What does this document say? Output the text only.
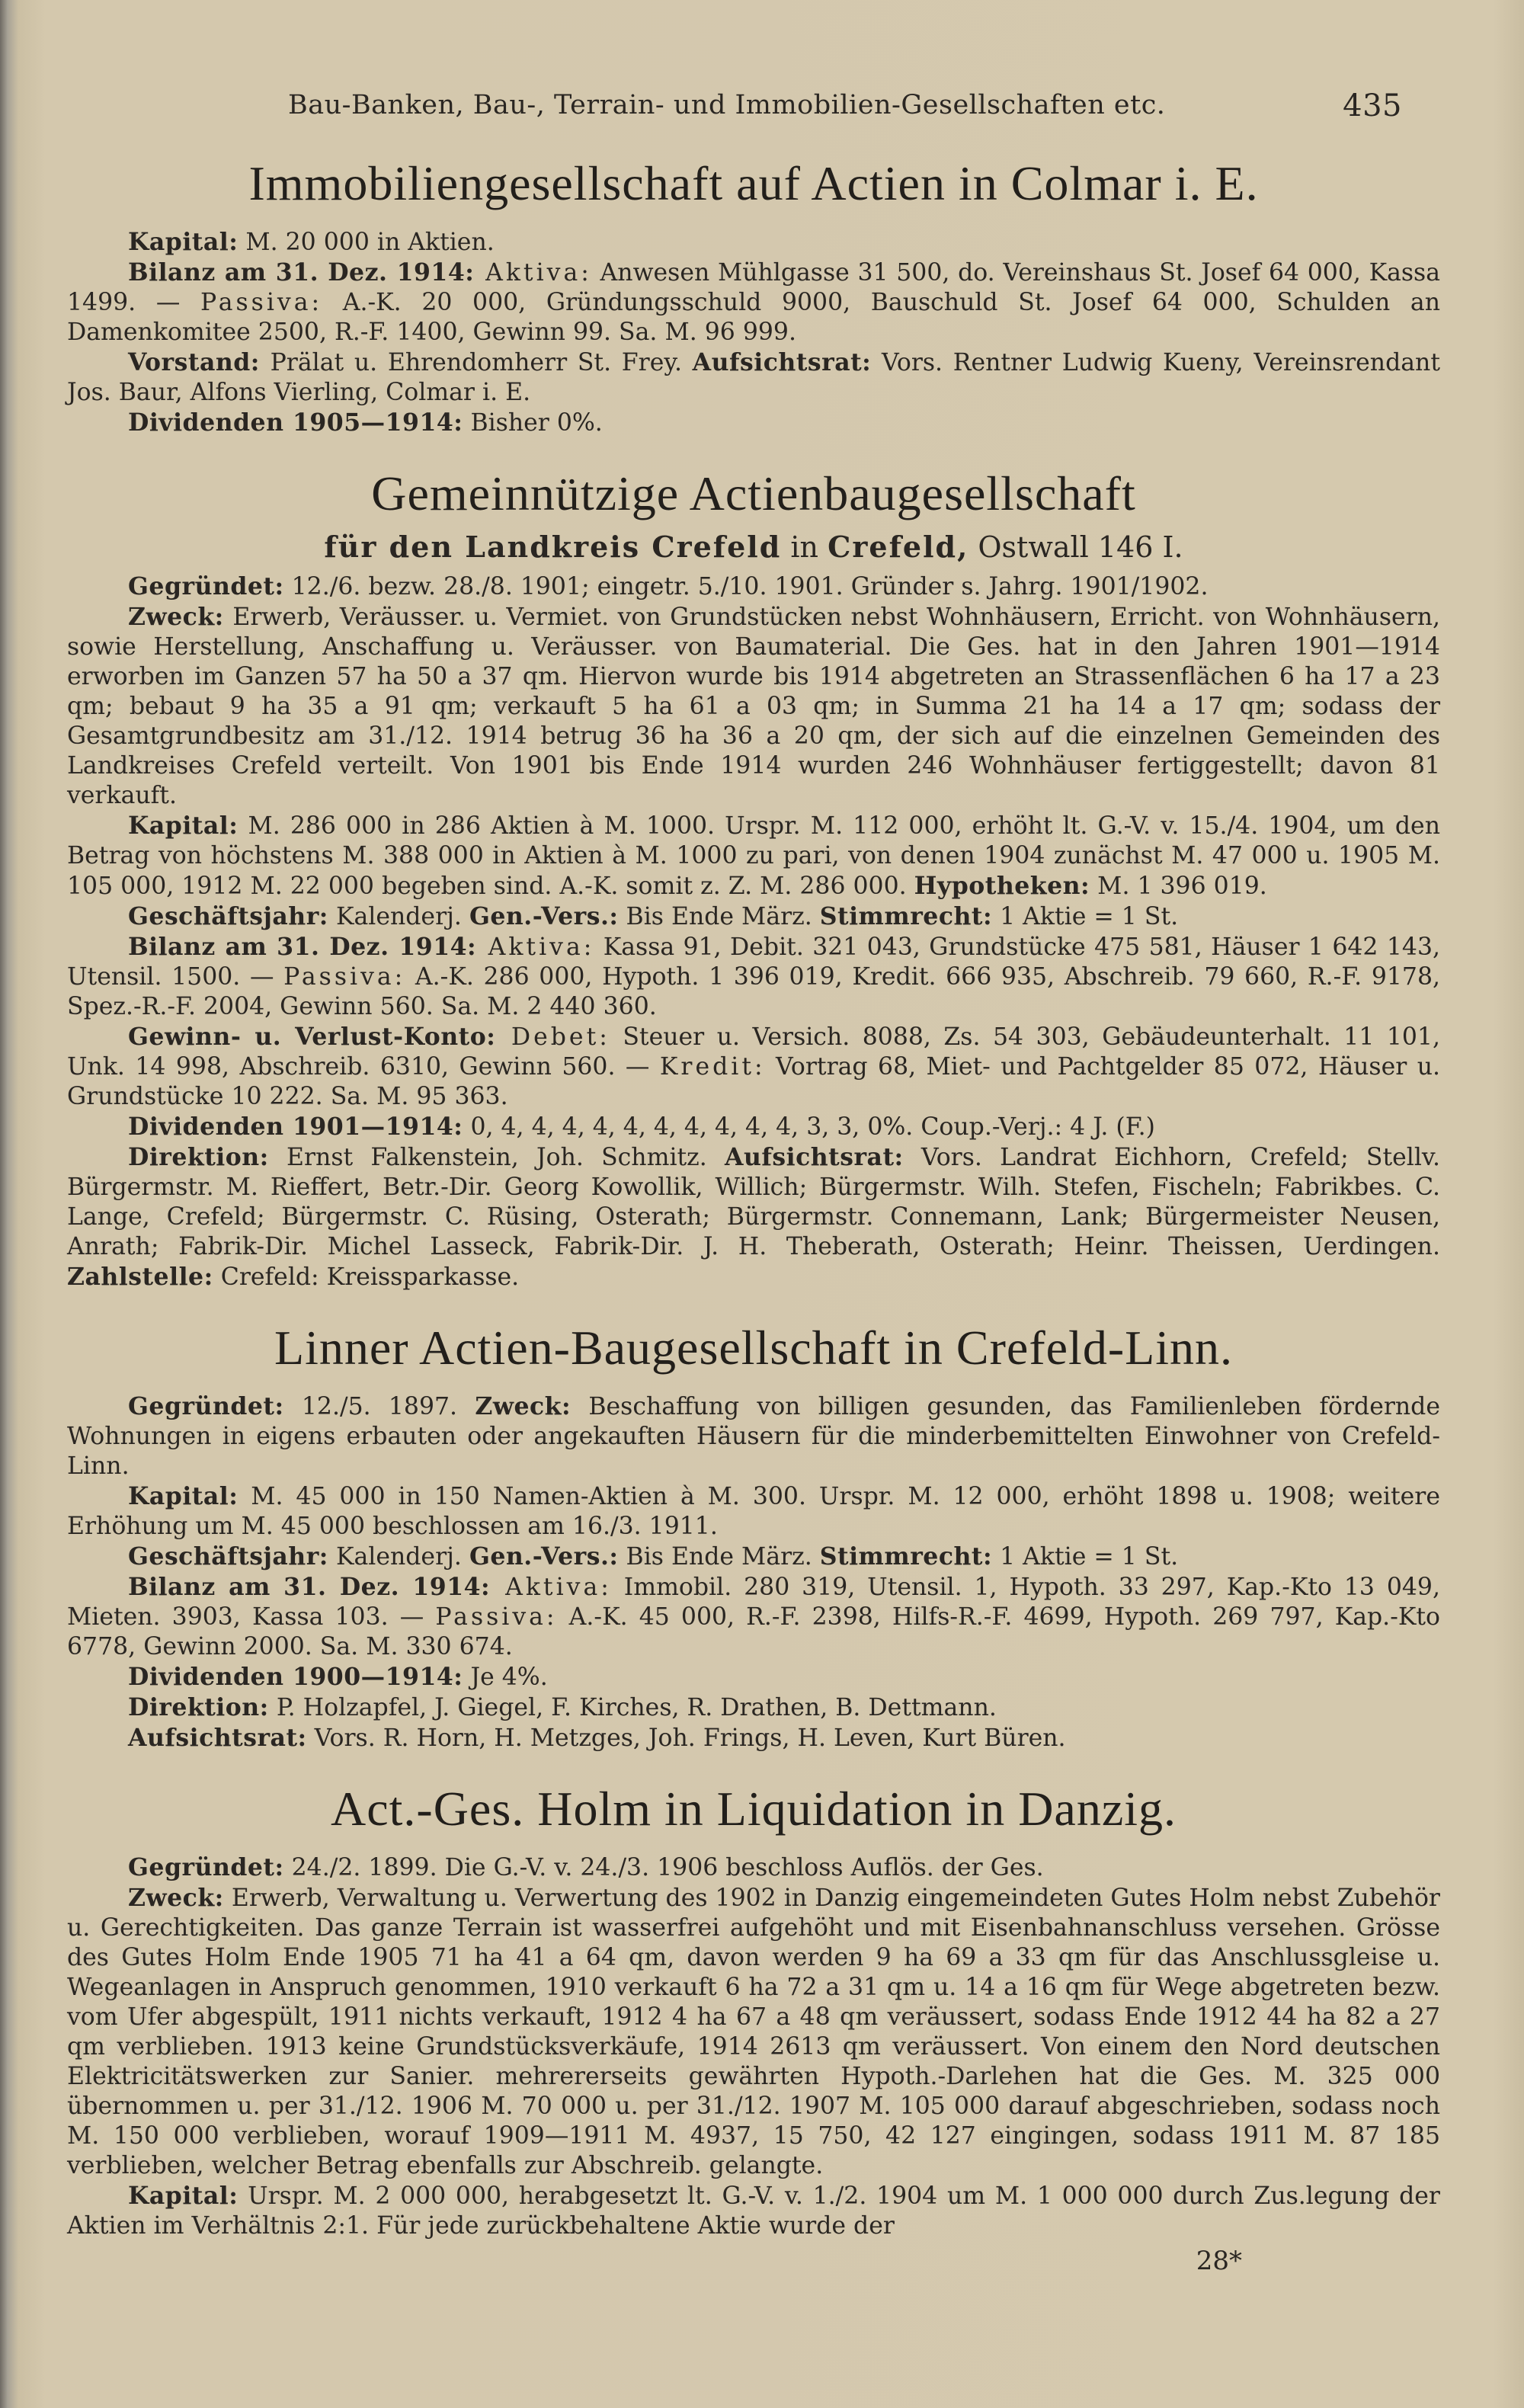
Bau-Banken, Bau-, Terrain- und Immobilien-Gesellschaften etc.	435
Immobiliengesellschaft auf Actien in Colmar i. E.

Kapital: M. 20 000 in Aktien.

Bilanz am 31. Dez. 1914: Aktiva: Anwesen Mühlgasse 31 500, do. Vereinshaus St. Josef 64 000, Kassa 1499. — Passiva: A.-K. 20 000, Gründungsschuld 9000, Bauschuld St. Josef 64 000, Schulden an Damenkomitee 2500, R.-F. 1400, Gewinn 99. Sa. M. 96 999.

Vorstand: Prälat u. Ehrendomherr St. Frey. Aufsichtsrat: Vors. Rentner Ludwig Kueny, Vereinsrendant Jos. Baur, Alfons Vierling, Colmar i. E.

Dividenden 1905—1914: Bisher 0%.

Gemeinnützige Actienbaugesellschaft
für den Landkreis Crefeld in Crefeld, Ostwall 146 I.

Gegründet: 12./6. bezw. 28./8. 1901; eingetr. 5./10. 1901. Gründer s. Jahrg. 1901/1902.

Zweck: Erwerb, Veräusser. u. Vermiet. von Grundstücken nebst Wohnhäusern, Erricht. von Wohnhäusern, sowie Herstellung, Anschaffung u. Veräusser. von Baumaterial. Die Ges. hat in den Jahren 1901—1914 erworben im Ganzen 57 ha 50 a 37 qm. Hiervon wurde bis 1914 abgetreten an Strassenflächen 6 ha 17 a 23 qm; bebaut 9 ha 35 a 91 qm; verkauft 5 ha 61 a 03 qm; in Summa 21 ha 14 a 17 qm; sodass der Gesamtgrundbesitz am 31./12. 1914 betrug 36 ha 36 a 20 qm, der sich auf die einzelnen Gemeinden des Landkreises Crefeld verteilt. Von 1901 bis Ende 1914 wurden 246 Wohnhäuser fertiggestellt; davon 81 verkauft.

Kapital: M. 286 000 in 286 Aktien à M. 1000. Urspr. M. 112 000, erhöht lt. G.-V. v. 15./4. 1904, um den Betrag von höchstens M. 388 000 in Aktien à M. 1000 zu pari, von denen 1904 zunächst M. 47 000 u. 1905 M. 105 000, 1912 M. 22 000 begeben sind. A.-K. somit z. Z. M. 286 000. Hypotheken: M. 1 396 019.

Geschäftsjahr: Kalenderj. Gen.-Vers.: Bis Ende März. Stimmrecht: 1 Aktie = 1 St.

Bilanz am 31. Dez. 1914: Aktiva: Kassa 91, Debit. 321 043, Grundstücke 475 581, Häuser 1 642 143, Utensil. 1500. — Passiva: A.-K. 286 000, Hypoth. 1 396 019, Kredit. 666 935, Abschreib. 79 660, R.-F. 9178, Spez.-R.-F. 2004, Gewinn 560. Sa. M. 2 440 360.

Gewinn- u. Verlust-Konto: Debet: Steuer u. Versich. 8088, Zs. 54 303, Gebäudeunterhalt. 11 101, Unk. 14 998, Abschreib. 6310, Gewinn 560. — Kredit: Vortrag 68, Miet- und Pachtgelder 85 072, Häuser u. Grundstücke 10 222. Sa. M. 95 363.

Dividenden 1901—1914: 0, 4, 4, 4, 4, 4, 4, 4, 4, 4, 4, 3, 3, 0%. Coup.-Verj.: 4 J. (F.)

Direktion: Ernst Falkenstein, Joh. Schmitz. Aufsichtsrat: Vors. Landrat Eichhorn, Crefeld; Stellv. Bürgermstr. M. Rieffert, Betr.-Dir. Georg Kowollik, Willich; Bürgermstr. Wilh. Stefen, Fischeln; Fabrikbes. C. Lange, Crefeld; Bürgermstr. C. Rüsing, Osterath; Bürgermstr. Connemann, Lank; Bürgermeister Neusen, Anrath; Fabrik-Dir. Michel Lasseck, Fabrik-Dir. J. H. Theberath, Osterath; Heinr. Theissen, Uerdingen. Zahlstelle: Crefeld: Kreissparkasse.

Linner Actien-Baugesellschaft in Crefeld-Linn.

Gegründet: 12./5. 1897. Zweck: Beschaffung von billigen gesunden, das Familienleben fördernde Wohnungen in eigens erbauten oder angekauften Häusern für die minderbemittelten Einwohner von Crefeld-Linn.

Kapital: M. 45 000 in 150 Namen-Aktien à M. 300. Urspr. M. 12 000, erhöht 1898 u. 1908; weitere Erhöhung um M. 45 000 beschlossen am 16./3. 1911.

Geschäftsjahr: Kalenderj. Gen.-Vers.: Bis Ende März. Stimmrecht: 1 Aktie = 1 St.

Bilanz am 31. Dez. 1914: Aktiva: Immobil. 280 319, Utensil. 1, Hypoth. 33 297, Kap.-Kto 13 049, Mieten. 3903, Kassa 103. — Passiva: A.-K. 45 000, R.-F. 2398, Hilfs-R.-F. 4699, Hypoth. 269 797, Kap.-Kto 6778, Gewinn 2000. Sa. M. 330 674.

Dividenden 1900—1914: Je 4%.

Direktion: P. Holzapfel, J. Giegel, F. Kirches, R. Drathen, B. Dettmann.

Aufsichtsrat: Vors. R. Horn, H. Metzges, Joh. Frings, H. Leven, Kurt Büren.

Act.-Ges. Holm in Liquidation in Danzig.

Gegründet: 24./2. 1899. Die G.-V. v. 24./3. 1906 beschloss Auflös. der Ges.

Zweck: Erwerb, Verwaltung u. Verwertung des 1902 in Danzig eingemeindeten Gutes Holm nebst Zubehör u. Gerechtigkeiten. Das ganze Terrain ist wasserfrei aufgehöht und mit Eisenbahnanschluss versehen. Grösse des Gutes Holm Ende 1905 71 ha 41 a 64 qm, davon werden 9 ha 69 a 33 qm für das Anschlussgleise u. Wegeanlagen in Anspruch genommen, 1910 verkauft 6 ha 72 a 31 qm u. 14 a 16 qm für Wege abgetreten bezw. vom Ufer abgespült, 1911 nichts verkauft, 1912 4 ha 67 a 48 qm veräussert, sodass Ende 1912 44 ha 82 a 27 qm verblieben. 1913 keine Grundstücksverkäufe, 1914 2613 qm veräussert. Von einem den Nord deutschen Elektricitätswerken zur Sanier. mehrererseits gewährten Hypoth.-Darlehen hat die Ges. M. 325 000 übernommen u. per 31./12. 1906 M. 70 000 u. per 31./12. 1907 M. 105 000 darauf abgeschrieben, sodass noch M. 150 000 verblieben, worauf 1909—1911 M. 4937, 15 750, 42 127 eingingen, sodass 1911 M. 87 185 verblieben, welcher Betrag ebenfalls zur Abschreib. gelangte.

Kapital: Urspr. M. 2 000 000, herabgesetzt lt. G.-V. v. 1./2. 1904 um M. 1 000 000 durch Zus.legung der Aktien im Verhältnis 2:1. Für jede zurückbehaltene Aktie wurde der

28*
